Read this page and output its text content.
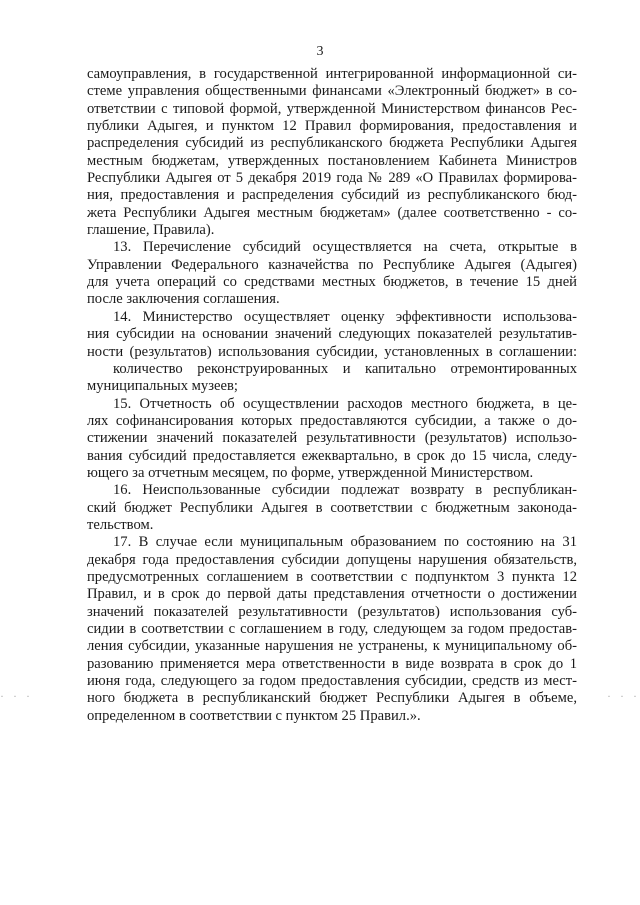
3
самоуправления, в государственной интегрированной информационной си-
стеме управления общественными финансами «Электронный бюджет» в со-
ответствии с типовой формой, утвержденной Министерством финансов Рес-
публики Адыгея, и пунктом 12 Правил формирования, предоставления и
распределения субсидий из республиканского бюджета Республики Адыгея
местным бюджетам, утвержденных постановлением Кабинета Министров
Республики Адыгея от 5 декабря 2019 года № 289 «О Правилах формирова-
ния, предоставления и распределения субсидий из республиканского бюд-
жета Республики Адыгея местным бюджетам» (далее соответственно - со-
глашение, Правила).
13. Перечисление субсидий осуществляется на счета, открытые в
Управлении Федерального казначейства по Республике Адыгея (Адыгея)
для учета операций со средствами местных бюджетов, в течение 15 дней
после заключения соглашения.
14. Министерство осуществляет оценку эффективности использова-
ния субсидии на основании значений следующих показателей результатив-
ности (результатов) использования субсидии, установленных в соглашении:
количество реконструированных и капитально отремонтированных
муниципальных музеев;
15. Отчетность об осуществлении расходов местного бюджета, в це-
лях софинансирования которых предоставляются субсидии, а также о до-
стижении значений показателей результативности (результатов) использо-
вания субсидий предоставляется ежеквартально, в срок до 15 числа, следу-
ющего за отчетным месяцем, по форме, утвержденной Министерством.
16. Неиспользованные субсидии подлежат возврату в республикан-
ский бюджет Республики Адыгея в соответствии с бюджетным законода-
тельством.
17. В случае если муниципальным образованием по состоянию на 31
декабря года предоставления субсидии допущены нарушения обязательств,
предусмотренных соглашением в соответствии с подпунктом 3 пункта 12
Правил, и в срок до первой даты представления отчетности о достижении
значений показателей результативности (результатов) использования суб-
сидии в соответствии с соглашением в году, следующем за годом предостав-
ления субсидии, указанные нарушения не устранены, к муниципальному об-
разованию применяется мера ответственности в виде возврата в срок до 1
июня года, следующего за годом предоставления субсидии, средств из мест-
ного бюджета в республиканский бюджет Республики Адыгея в объеме,
определенном в соответствии с пунктом 25 Правил.».
· · ·	· · ·
